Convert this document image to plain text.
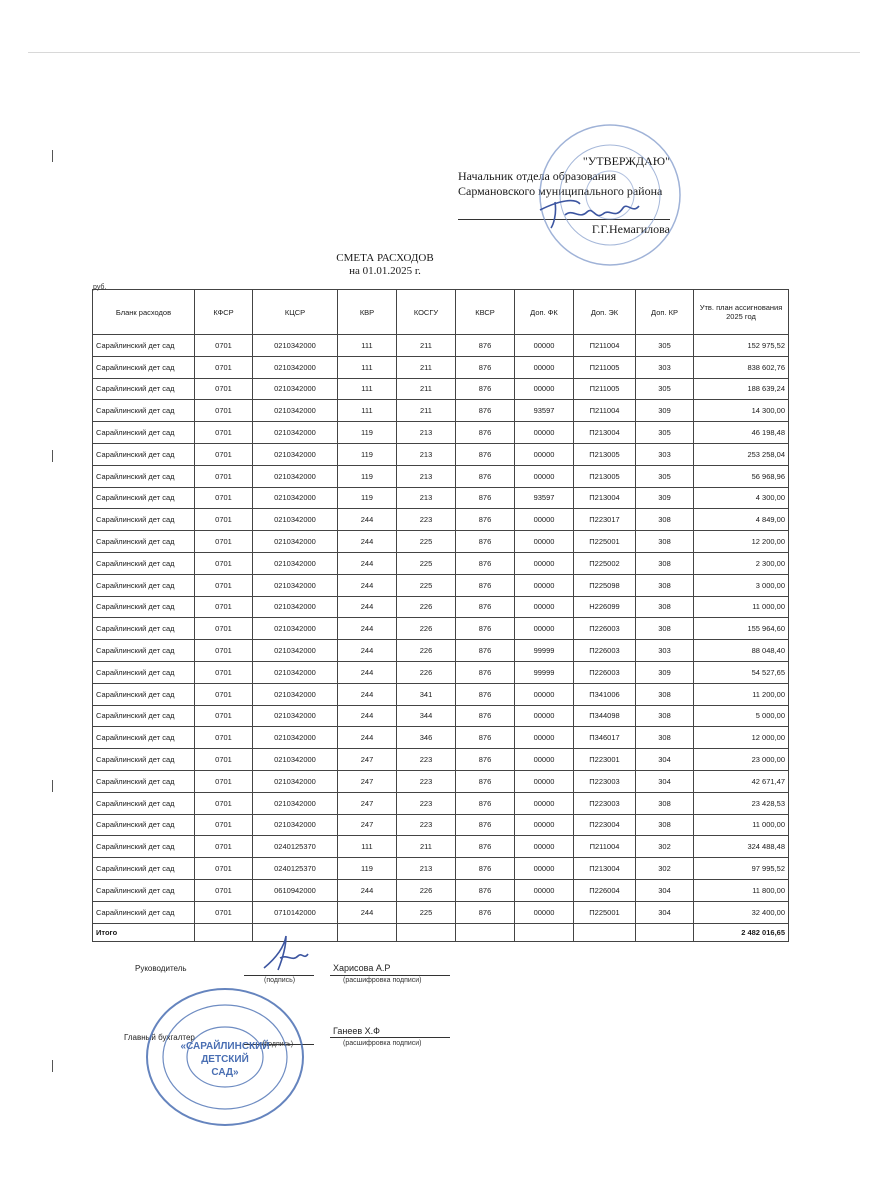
"УТВЕРЖДАЮ"
Начальник отдела образования
Сармановского муниципального района
Г.Г.Немагилова
СМЕТА РАСХОДОВ
на 01.01.2025 г.
руб.
Бланк расходов	КФСР	КЦСР	КВР	КОСГУ	КВСР	Доп. ФК	Доп. ЭК	Доп. КР	Утв. план ассигнования 2025 год
Сарайлинский дет сад	0701	0210342000	111	211	876	00000	П211004	305	152 975,52
Сарайлинский дет сад	0701	0210342000	111	211	876	00000	П211005	303	838 602,76
Сарайлинский дет сад	0701	0210342000	111	211	876	00000	П211005	305	188 639,24
Сарайлинский дет сад	0701	0210342000	111	211	876	93597	П211004	309	14 300,00
Сарайлинский дет сад	0701	0210342000	119	213	876	00000	П213004	305	46 198,48
Сарайлинский дет сад	0701	0210342000	119	213	876	00000	П213005	303	253 258,04
Сарайлинский дет сад	0701	0210342000	119	213	876	00000	П213005	305	56 968,96
Сарайлинский дет сад	0701	0210342000	119	213	876	93597	П213004	309	4 300,00
Сарайлинский дет сад	0701	0210342000	244	223	876	00000	П223017	308	4 849,00
Сарайлинский дет сад	0701	0210342000	244	225	876	00000	П225001	308	12 200,00
Сарайлинский дет сад	0701	0210342000	244	225	876	00000	П225002	308	2 300,00
Сарайлинский дет сад	0701	0210342000	244	225	876	00000	П225098	308	3 000,00
Сарайлинский дет сад	0701	0210342000	244	226	876	00000	Н226099	308	11 000,00
Сарайлинский дет сад	0701	0210342000	244	226	876	00000	П226003	308	155 964,60
Сарайлинский дет сад	0701	0210342000	244	226	876	99999	П226003	303	88 048,40
Сарайлинский дет сад	0701	0210342000	244	226	876	99999	П226003	309	54 527,65
Сарайлинский дет сад	0701	0210342000	244	341	876	00000	П341006	308	11 200,00
Сарайлинский дет сад	0701	0210342000	244	344	876	00000	П344098	308	5 000,00
Сарайлинский дет сад	0701	0210342000	244	346	876	00000	П346017	308	12 000,00
Сарайлинский дет сад	0701	0210342000	247	223	876	00000	П223001	304	23 000,00
Сарайлинский дет сад	0701	0210342000	247	223	876	00000	П223003	304	42 671,47
Сарайлинский дет сад	0701	0210342000	247	223	876	00000	П223003	308	23 428,53
Сарайлинский дет сад	0701	0210342000	247	223	876	00000	П223004	308	11 000,00
Сарайлинский дет сад	0701	0240125370	111	211	876	00000	П211004	302	324 488,48
Сарайлинский дет сад	0701	0240125370	119	213	876	00000	П213004	302	97 995,52
Сарайлинский дет сад	0701	0610942000	244	226	876	00000	П226004	304	11 800,00
Сарайлинский дет сад	0701	0710142000	244	225	876	00000	П225001	304	32 400,00
Итого									2 482 016,65
Руководитель
(подпись)
Харисова А.Р
(расшифровка подписи)
Главный бухгалтер
(подпись)
Ганеев Х.Ф
(расшифровка подписи)
«САРАЙЛИНСКИЙ
ДЕТСКИЙ
САД»
